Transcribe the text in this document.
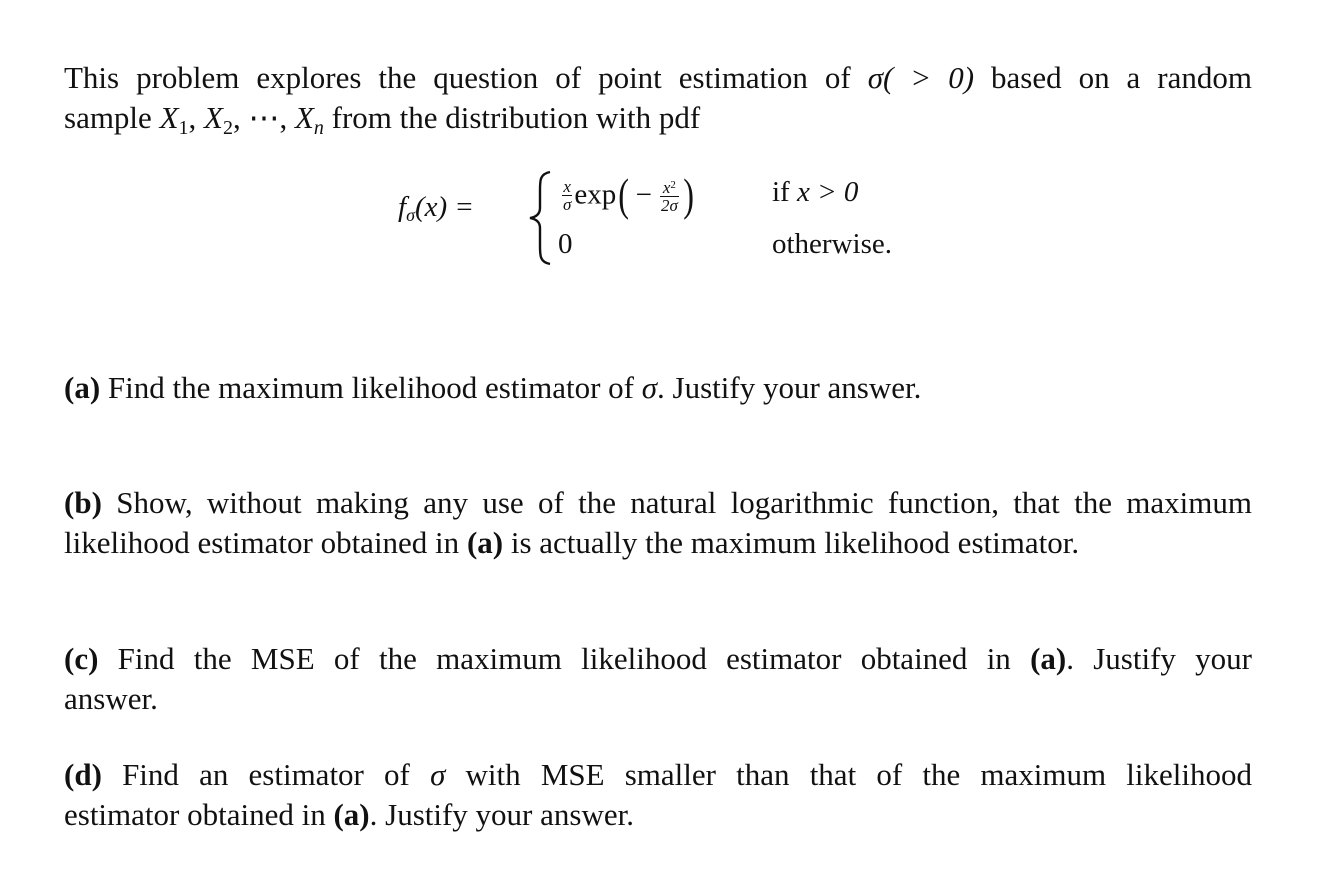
This problem explores the question of point estimation of σ( > 0) based on a random
sample X1, X2, ⋯, $X_n$ from the distribution with pdf
fσ(x) =	$\frac{x}{\sigma} \exp( - \frac{x^2}{2\sigma}$ )	if x > 0
0	otherwise.
(a) Find the maximum likelihood estimator of σ. Justify your answer.
(b) Show, without making any use of the natural logarithmic function, that the maximum
likelihood estimator obtained in (a) is actually the maximum likelihood estimator.
(c) Find the MSE of the maximum likelihood estimator obtained in (a). Justify your
answer.
(d) Find an estimator of σ with MSE smaller than that of the maximum likelihood
estimator obtained in (a). Justify your answer.
